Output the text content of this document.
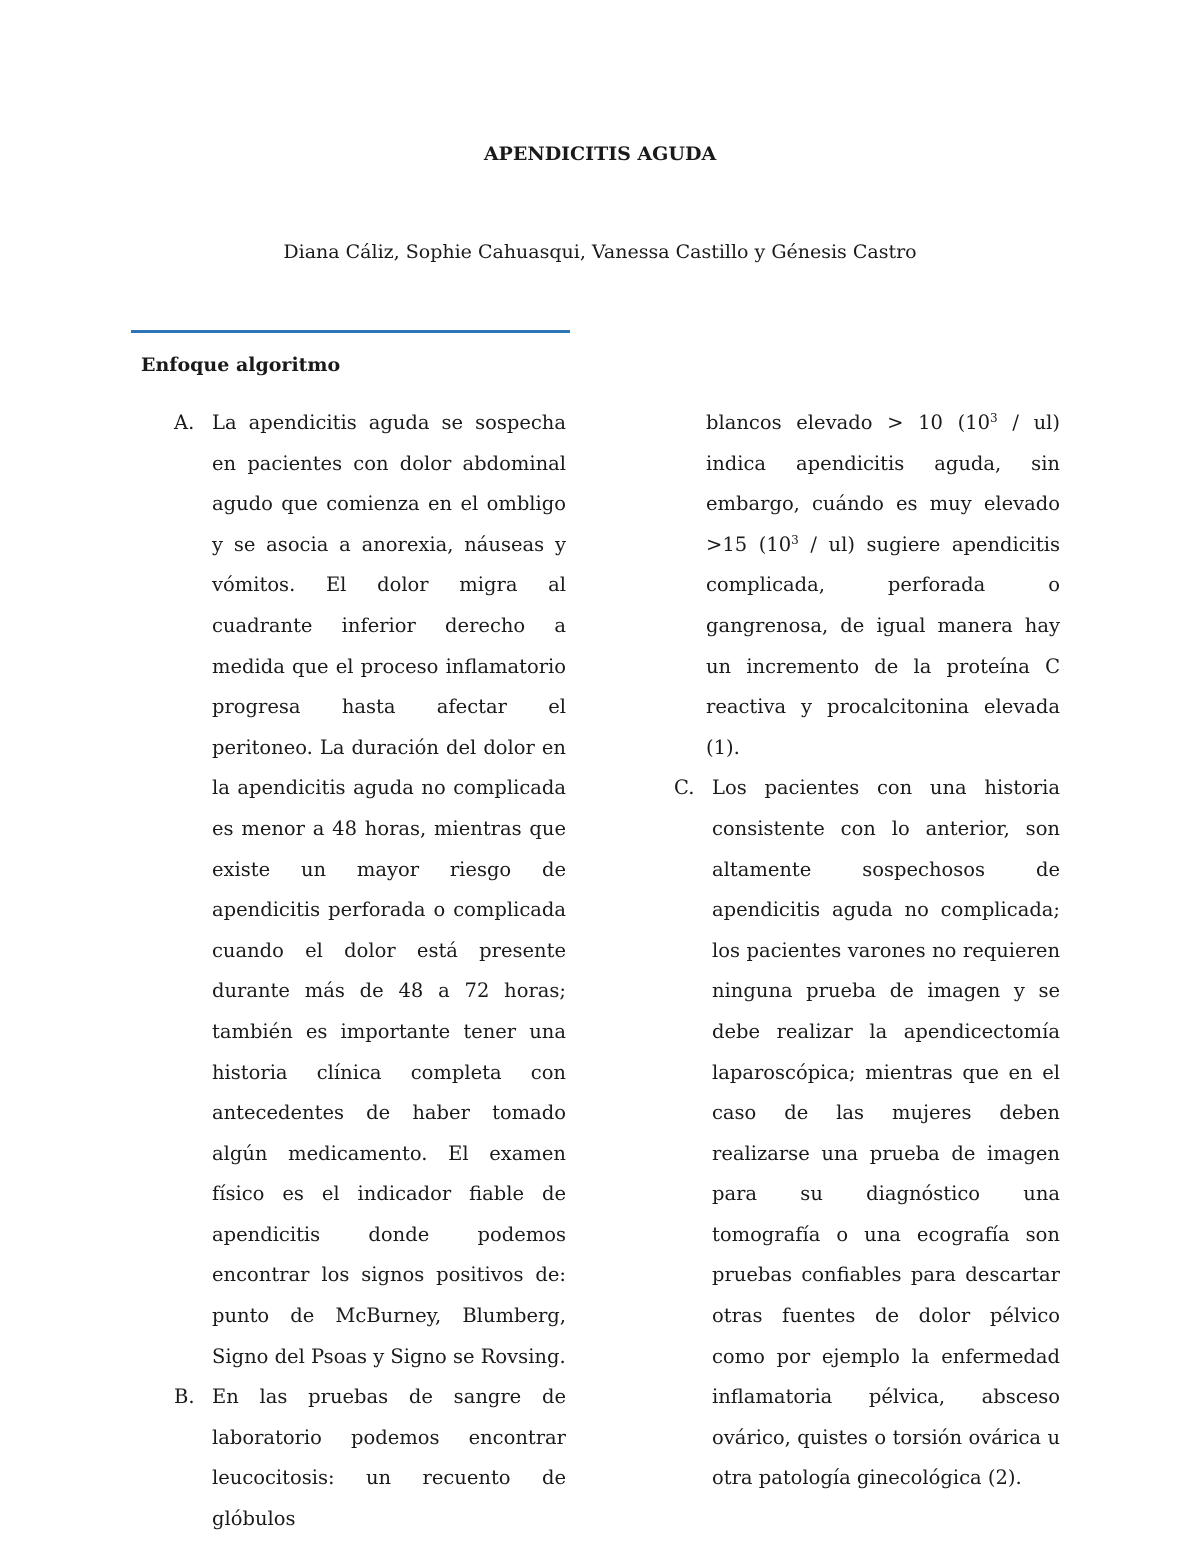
APENDICITIS AGUDA
Diana Cáliz, Sophie Cahuasqui, Vanessa Castillo y Génesis Castro
Enfoque algoritmo
A. La apendicitis aguda se sospecha en pacientes con dolor abdominal agudo que comienza en el ombligo y se asocia a anorexia, náuseas y vómitos. El dolor migra al cuadrante inferior derecho a medida que el proceso inflamatorio progresa hasta afectar el peritoneo. La duración del dolor en la apendicitis aguda no complicada es menor a 48 horas, mientras que existe un mayor riesgo de apendicitis perforada o complicada cuando el dolor está presente durante más de 48 a 72 horas; también es importante tener una historia clínica completa con antecedentes de haber tomado algún medicamento. El examen físico es el indicador fiable de apendicitis donde podemos encontrar los signos positivos de: punto de McBurney, Blumberg, Signo del Psoas y Signo se Rovsing.
B. En las pruebas de sangre de laboratorio podemos encontrar leucocitosis: un recuento de glóbulos

blancos elevado > 10 $(10^3 / ul)$ indica apendicitis aguda, sin embargo, cuándo es muy elevado >15 $(10^3 / ul)$ sugiere apendicitis complicada, perforada o gangrenosa, de igual manera hay un incremento de la proteína C reactiva y procalcitonina elevada (1).

C. Los pacientes con una historia consistente con lo anterior, son altamente sospechosos de apendicitis aguda no complicada; los pacientes varones no requieren ninguna prueba de imagen y se debe realizar la apendicectomía laparoscópica; mientras que en el caso de las mujeres deben realizarse una prueba de imagen para su diagnóstico una tomografía o una ecografía son pruebas confiables para descartar otras fuentes de dolor pélvico como por ejemplo la enfermedad inflamatoria pélvica, absceso ovárico, quistes o torsión ovárica u otra patología ginecológica (2).
